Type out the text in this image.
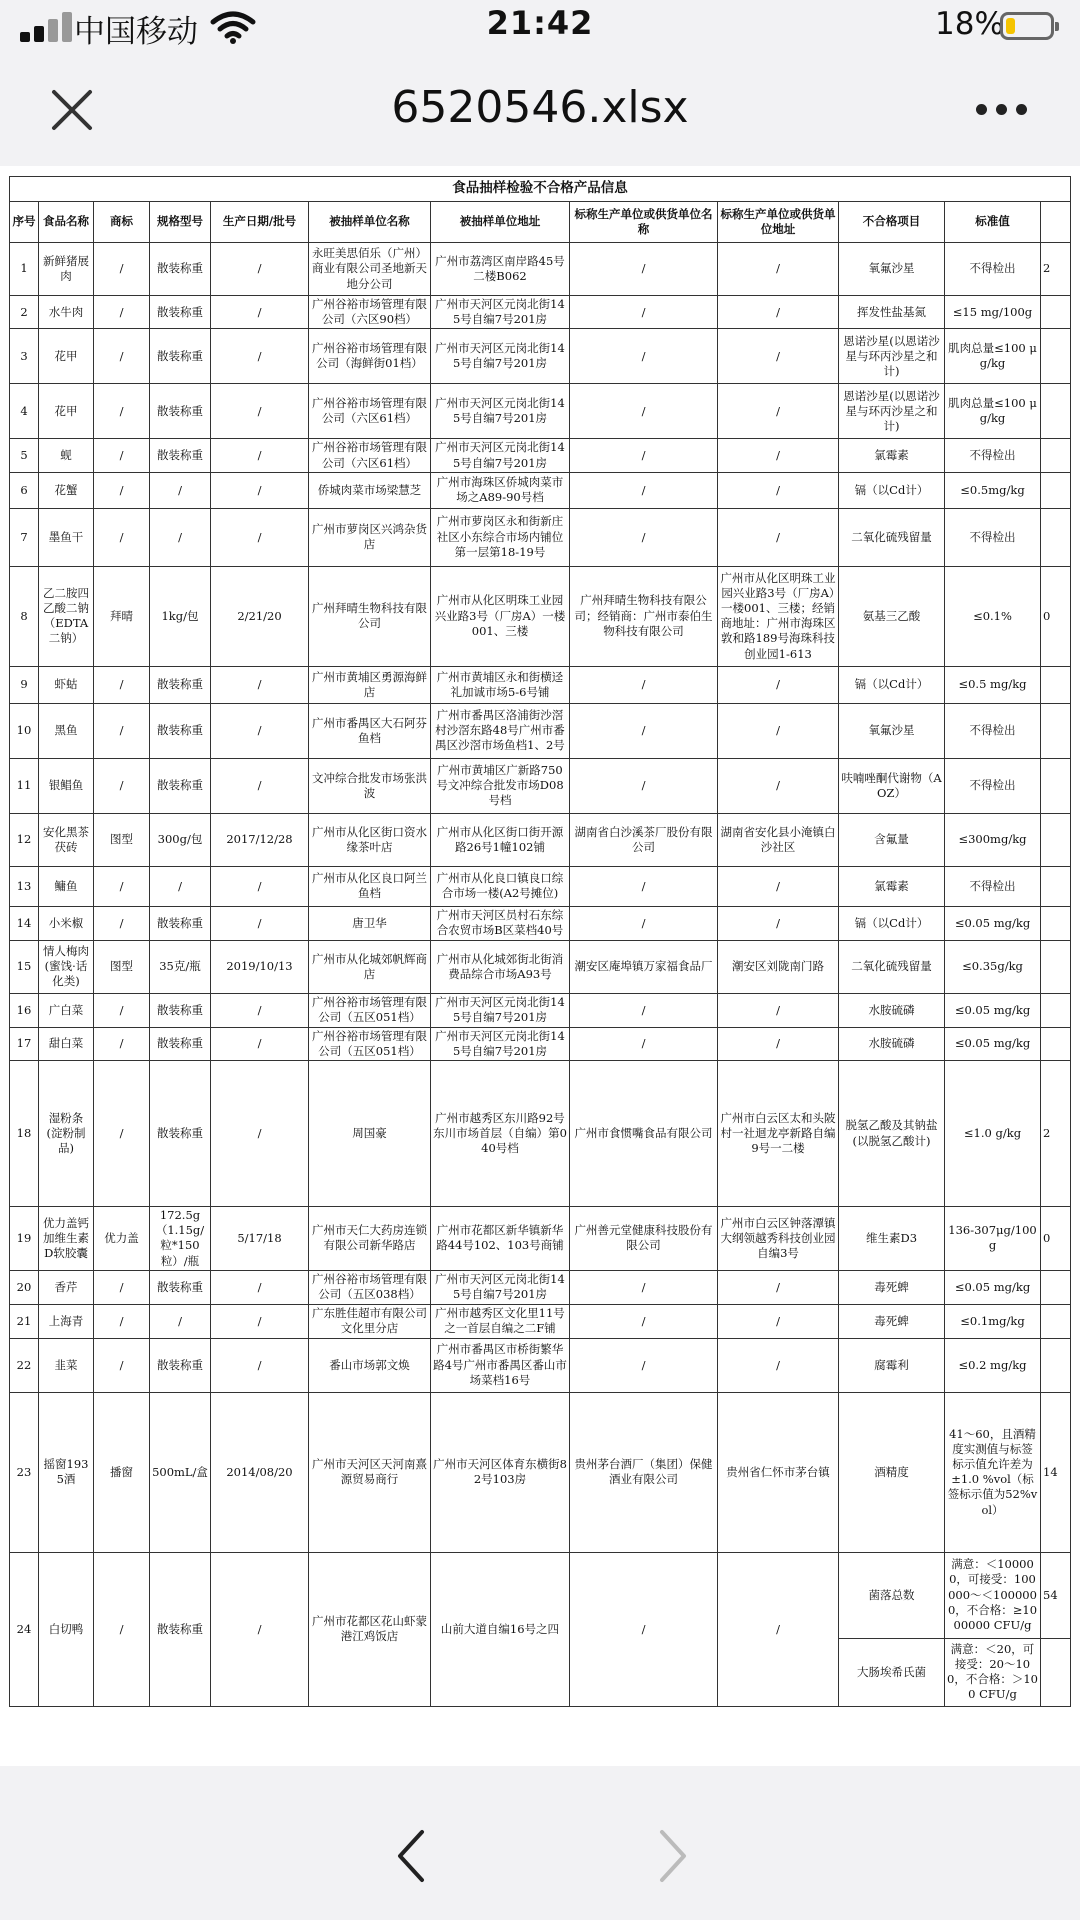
中国移动	21:42	18%
6520546.xlsx
食品抽样检验不合格产品信息											
序号	食品名称	商标	规格型号	生产日期/批号	被抽样单位名称	被抽样单位地址	标称生产单位或供货单位名称	标称生产单位或供货单位地址	不合格项目	标准值	
1	新鲜猪展肉	/	散装称重	/	永旺美思佰乐（广州）商业有限公司圣地新天地分公司	广州市荔湾区南岸路45号二楼B062	/	/	氧氟沙星	不得检出	2
2	水牛肉	/	散装称重	/	广州谷裕市场管理有限公司（六区90档）	广州市天河区元岗北街145号自编7号201房	/	/	挥发性盐基氮	≤15 mg/100g	
3	花甲	/	散装称重	/	广州谷裕市场管理有限公司（海鲜街01档）	广州市天河区元岗北街145号自编7号201房	/	/	恩诺沙星(以恩诺沙星与环丙沙星之和计)	肌肉总量≤100 μg/kg	
4	花甲	/	散装称重	/	广州谷裕市场管理有限公司（六区61档）	广州市天河区元岗北街145号自编7号201房	/	/	恩诺沙星(以恩诺沙星与环丙沙星之和计)	肌肉总量≤100 μg/kg	
5	蚬	/	散装称重	/	广州谷裕市场管理有限公司（六区61档）	广州市天河区元岗北街145号自编7号201房	/	/	氯霉素	不得检出	
6	花蟹	/	/	/	侨城肉菜市场梁慧芝	广州市海珠区侨城肉菜市场之A89-90号档	/	/	镉（以Cd计）	≤0.5mg/kg	
7	墨鱼干	/	/	/	广州市萝岗区兴鸿杂货店	广州市萝岗区永和街新庄社区小东综合市场内铺位第一层第18-19号	/	/	二氧化硫残留量	不得检出	
8	乙二胺四乙酸二钠（EDTA二钠）	拜晴	1kg/包	2/21/20	广州拜晴生物科技有限公司	广州市从化区明珠工业园兴业路3号（厂房A）一楼001、三楼	广州拜晴生物科技有限公司；经销商：广州市泰伯生物科技有限公司	广州市从化区明珠工业园兴业路3号（厂房A）一楼001、三楼；经销商地址：广州市海珠区敦和路189号海珠科技创业园1-613	氨基三乙酸	≤0.1%	0
9	虾蛄	/	散装称重	/	广州市黄埔区勇源海鲜店	广州市黄埔区永和街横迳礼加诚市场5-6号铺	/	/	镉（以Cd计）	≤0.5 mg/kg	
10	黑鱼	/	散装称重	/	广州市番禺区大石阿芬鱼档	广州市番禺区洛浦街沙滘村沙滘东路48号广州市番禺区沙滘市场鱼档1、2号	/	/	氧氟沙星	不得检出	
11	银鲳鱼	/	散装称重	/	文冲综合批发市场张洪波	广州市黄埔区广新路750号文冲综合批发市场D08号档	/	/	呋喃唑酮代谢物（AOZ）	不得检出	
12	安化黑茶茯砖	图型	300g/包	2017/12/28	广州市从化区街口资水缘茶叶店	广州市从化区街口街开源路26号1幢102铺	湖南省白沙溪茶厂股份有限公司	湖南省安化县小淹镇白沙社区	含氟量	≤300mg/kg	
13	鳙鱼	/	/	/	广州市从化区良口阿兰鱼档	广州市从化良口镇良口综合市场一楼(A2号摊位)	/	/	氯霉素	不得检出	
14	小米椒	/	散装称重	/	唐卫华	广州市天河区员村石东综合农贸市场B区菜档40号	/	/	镉（以Cd计）	≤0.05 mg/kg	
15	情人梅肉(蜜饯·话化类)	图型	35克/瓶	2019/10/13	广州市从化城郊帆辉商店	广州市从化城郊街北街消费品综合市场A93号	潮安区庵埠镇万家福食品厂	潮安区刘陇南门路	二氧化硫残留量	≤0.35g/kg	
16	广白菜	/	散装称重	/	广州谷裕市场管理有限公司（五区051档）	广州市天河区元岗北街145号自编7号201房	/	/	水胺硫磷	≤0.05 mg/kg	
17	甜白菜	/	散装称重	/	广州谷裕市场管理有限公司（五区051档）	广州市天河区元岗北街145号自编7号201房	/	/	水胺硫磷	≤0.05 mg/kg	
18	湿粉条(淀粉制品)	/	散装称重	/	周国豪	广州市越秀区东川路92号东川市场首层（自编）第040号档	广州市食惯嘴食品有限公司	广州市白云区太和头陂村一社迴龙亭新路自编9号一二楼	脱氢乙酸及其钠盐(以脱氢乙酸计)	≤1.0 g/kg	2
19	优力盖钙加维生素D软胶囊	优力盖	172.5g（1.15g/粒*150粒）/瓶	5/17/18	广州市天仁大药房连锁有限公司新华路店	广州市花都区新华镇新华路44号102、103号商铺	广州善元堂健康科技股份有限公司	广州市白云区钟落潭镇大纲领越秀科技创业园自编3号	维生素D3	136-307μg/100g	0
20	香芹	/	散装称重	/	广州谷裕市场管理有限公司（五区038档）	广州市天河区元岗北街145号自编7号201房	/	/	毒死蜱	≤0.05 mg/kg	
21	上海青	/	/	/	广东胜佳超市有限公司文化里分店	广州市越秀区文化里11号之一首层自编之二F铺	/	/	毒死蜱	≤0.1mg/kg	
22	韭菜	/	散装称重	/	番山市场郭文焕	广州市番禺区市桥街繁华路4号广州市番禺区番山市场菜档16号	/	/	腐霉利	≤0.2 mg/kg	
23	摇窗1935酒	播窗	500mL/盒	2014/08/20	广州市天河区天河南熹源贸易商行	广州市天河区体育东横街82号103房	贵州茅台酒厂（集团）保健酒业有限公司	贵州省仁怀市茅台镇	酒精度	41～60，且酒精度实测值与标签标示值允许差为±1.0 %vol（标签标示值为52%vol）	14
24	白切鸭	/	散装称重	/	广州市花都区花山虾蒙港江鸡饭店	山前大道自编16号之四	/	/	菌落总数	满意：＜100000，可接受：100000～＜1000000，不合格：≥1000000 CFU/g	54
									大肠埃希氏菌	满意：＜20，可接受：20～100，不合格：＞100 CFU/g	
